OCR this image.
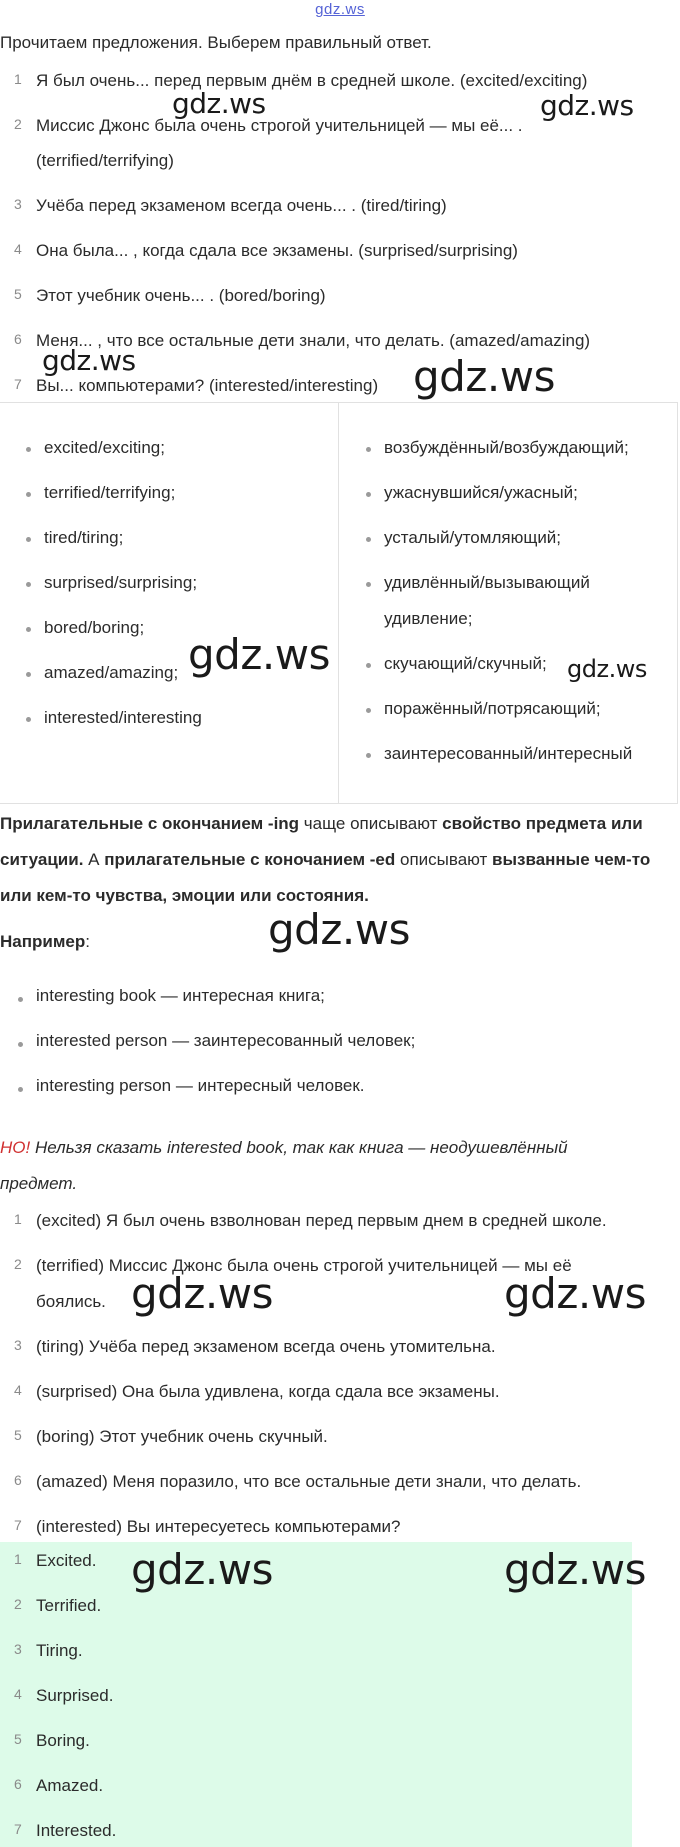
gdz.ws
Прочитаем предложения. Выберем правильный ответ.
1 Я был очень... перед первым днём в средней школе. (excited/exciting)
2 Миссис Джонс была очень строгой учительницей — мы её... .
(terrified/terrifying)
3 Учёба перед экзаменом всегда очень... . (tired/tiring)
4 Она была... , когда сдала все экзамены. (surprised/surprising)
5 Этот учебник очень... . (bored/boring)
6 Меня... , что все остальные дети знали, что делать. (amazed/amazing)
7 Вы... компьютерами? (interested/interesting)
excited/exciting;
terrified/terrifying;
tired/tiring;
surprised/surprising;
bored/boring;
amazed/amazing;
interested/interesting
возбуждённый/возбуждающий;
ужаснувшийся/ужасный;
усталый/утомляющий;
удивлённый/вызывающий
удивление;
скучающий/скучный;
поражённый/потрясающий;
заинтересованный/интересный
Прилагательные с окончанием -ing чаще описывают свойство предмета или
ситуации. А прилагательные с коночанием -ed описывают вызванные чем-то
или кем-то чувства, эмоции или состояния.
Например:
interesting book — интересная книга;
interested person — заинтересованный человек;
interesting person — интересный человек.
НО! Нельзя сказать interested book, так как книга — неодушевлённый
предмет.
1 (excited) Я был очень взволнован перед первым днем в средней школе.
2 (terrified) Миссис Джонс была очень строгой учительницей — мы её
боялись.
3 (tiring) Учёба перед экзаменом всегда очень утомительна.
4 (surprised) Она была удивлена, когда сдала все экзамены.
5 (boring) Этот учебник очень скучный.
6 (amazed) Меня поразило, что все остальные дети знали, что делать.
7 (interested) Вы интересуетесь компьютерами?
1 Excited.
2 Terrified.
3 Tiring.
4 Surprised.
5 Boring.
6 Amazed.
7 Interested.
gdz.ws	gdz.ws
gdz.ws	gdz.ws
gdz.ws	gdz.ws
gdz.ws
gdz.ws	gdz.ws
gdz.ws	gdz.ws
